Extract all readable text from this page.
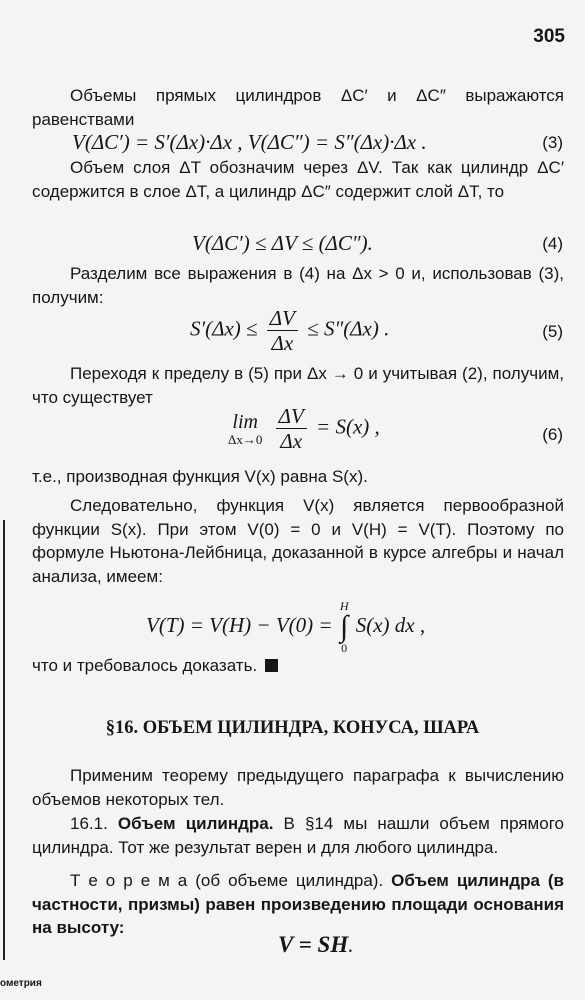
305
Объемы прямых цилиндров ΔC′ и ΔC″ выражаются равенствами
V(ΔC′) = S′(Δx)·Δx , V(ΔC″) = S″(Δx)·Δx .	(3)
Объем слоя ΔT обозначим через ΔV. Так как цилиндр ΔC′ содержится в слое ΔT, а цилиндр ΔC″ содержит слой ΔT, то
V(ΔC′) ≤ ΔV ≤ (ΔC″).	(4)
Разделим все выражения в (4) на Δx > 0 и, использовав (3), получим:
$S'(\Delta x) \le \frac{\Delta V}{\Delta x} \le S''(\Delta x)$ .	(5)
Переходя к пределу в (5) при Δx → 0 и учитывая (2), получим, что существует
lim
Δx→0
$\frac{\Delta V}{\Delta x} = S(x)$ ,	(6)
т.е., производная функция V(x) равна S(x).
Следовательно, функция V(x) является первообразной функции S(x). При этом V(0) = 0 и V(H) = V(T). Поэтому по формуле Ньютона-Лейбница, доказанной в курсе алгебры и начал анализа, имеем:
V(T) = V(H) − V(0) =
H
∫
0
S(x) dx ,
что и требовалось доказать.
§16. ОБЪЕМ ЦИЛИНДРА, КОНУСА, ШАРА
Применим теорему предыдущего параграфа к вычислению объемов некоторых тел.
16.1. Объем цилиндра. В §14 мы нашли объем прямого цилиндра. Тот же результат верен и для любого цилиндра.
Т е о р е м а (об объеме цилиндра). Объем цилиндра (в частности, призмы) равен произведению площади основания на высоту:
V = SH.
ометрия
